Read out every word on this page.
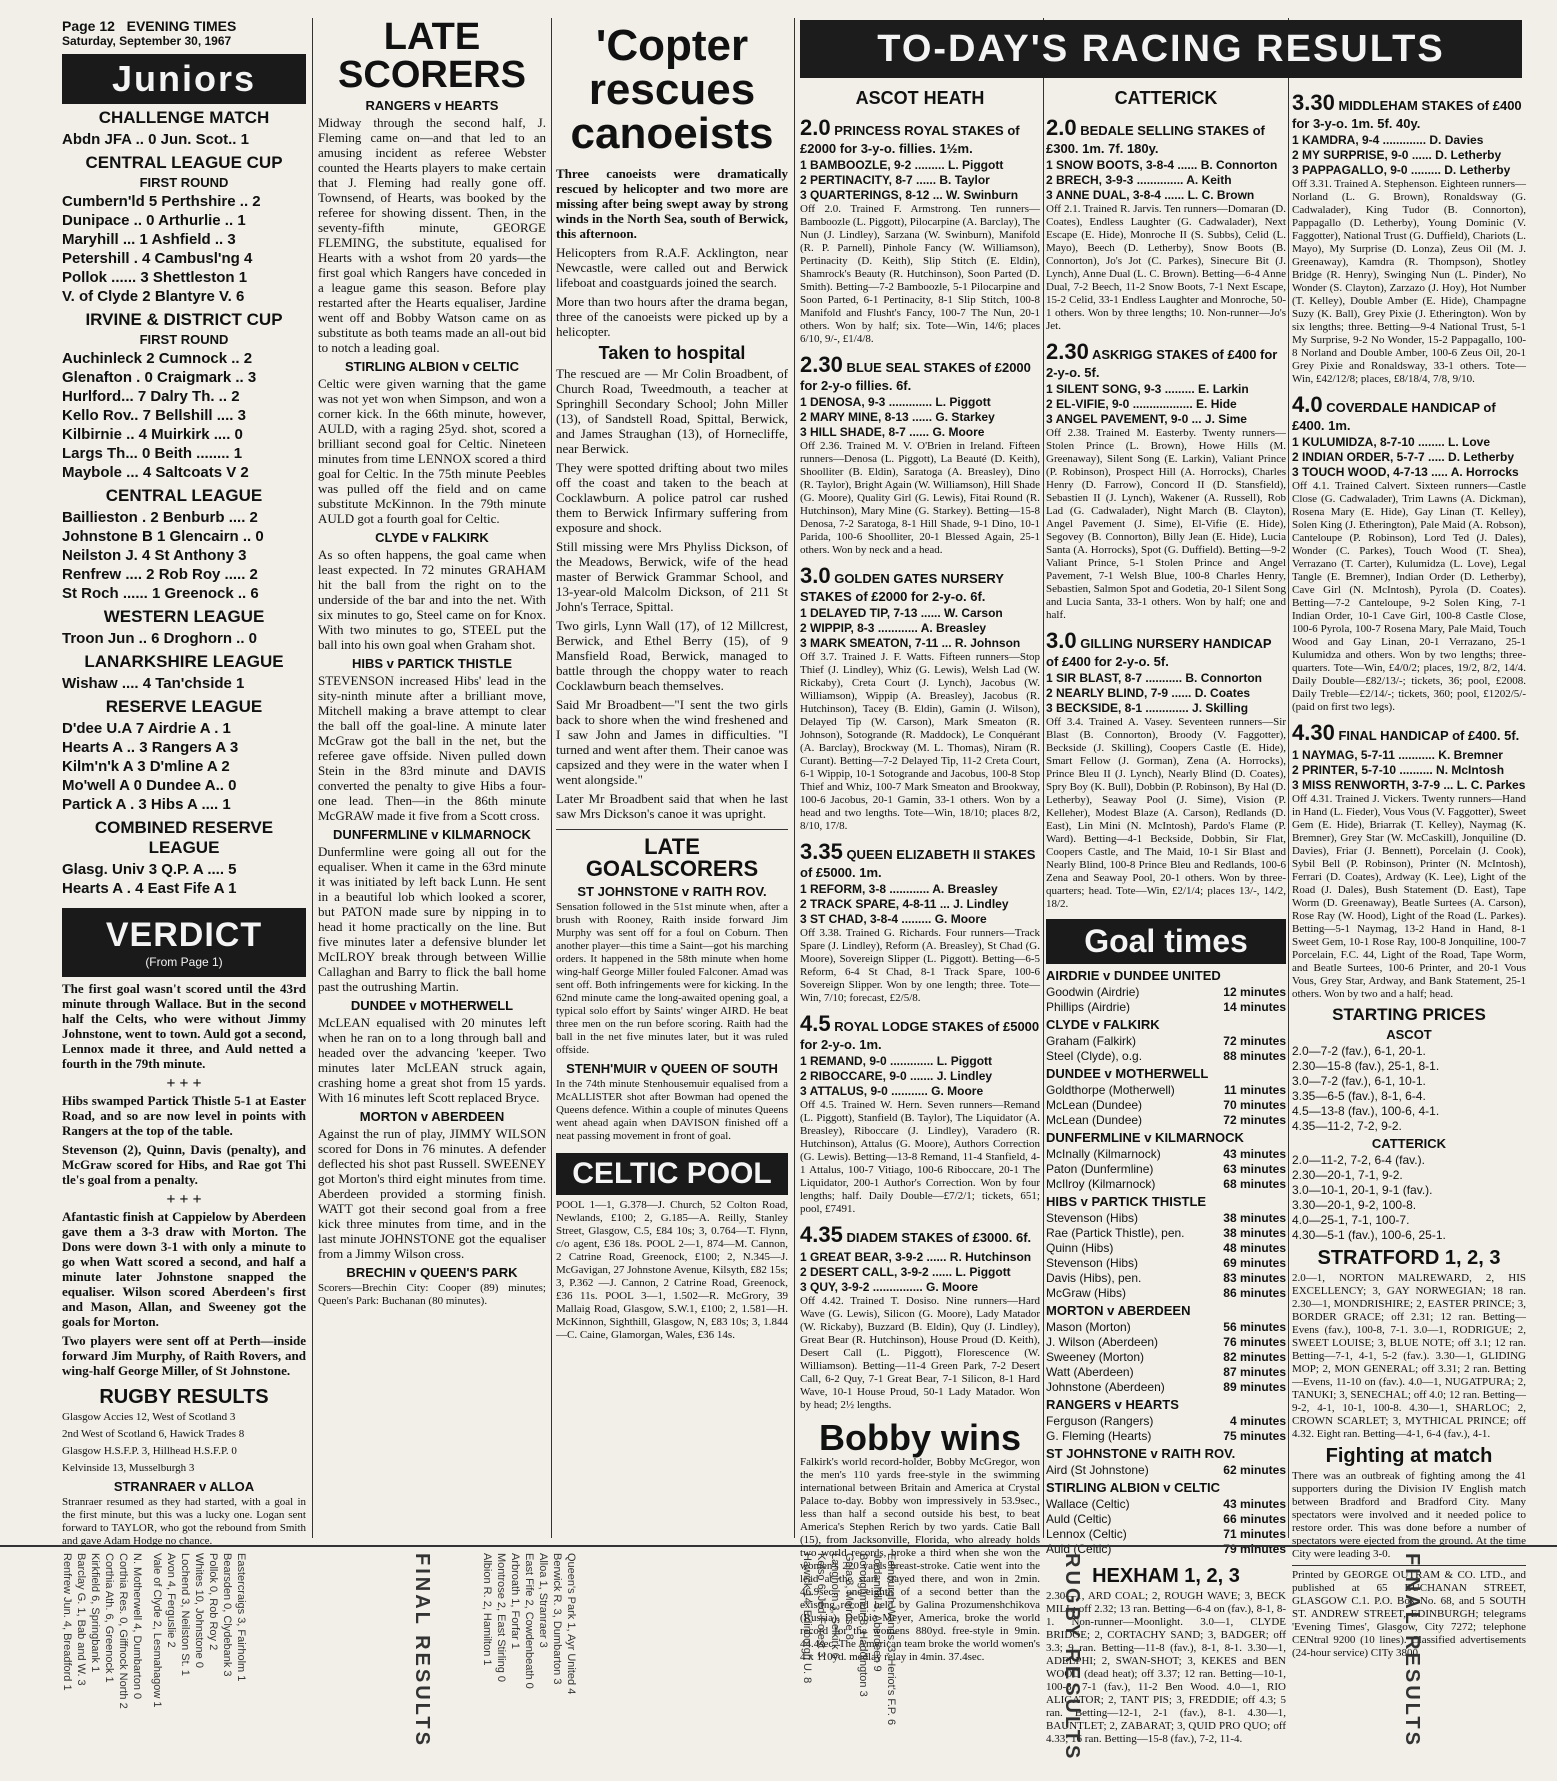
Page 12 EVENING TIMES
Saturday, September 30, 1967
Juniors
CHALLENGE MATCH
Abdn JFA .. 0 Jun. Scot.. 1
CENTRAL LEAGUE CUP
FIRST ROUND
Cumbern'ld 5 Perthshire .. 2
Dunipace .. 0 Arthurlie .. 1
Maryhill ... 1 Ashfield .. 3
Petershill . 4 Cambusl'ng 4
Pollok ...... 3 Shettleston 1
V. of Clyde 2 Blantyre V. 6
IRVINE & DISTRICT CUP
FIRST ROUND
Auchinleck 2 Cumnock .. 2
Glenafton . 0 Craigmark .. 3
Hurlford... 7 Dalry Th. .. 2
Kello Rov.. 7 Bellshill .... 3
Kilbirnie .. 4 Muirkirk .... 0
Largs Th... 0 Beith ........ 1
Maybole ... 4 Saltcoats V 2
CENTRAL LEAGUE
Baillieston . 2 Benburb .... 2
Johnstone B 1 Glencairn .. 0
Neilston J. 4 St Anthony 3
Renfrew .... 2 Rob Roy ..... 2
St Roch ...... 1 Greenock .. 6
WESTERN LEAGUE
Troon Jun .. 6 Droghorn .. 0
LANARKSHIRE LEAGUE
Wishaw .... 4 Tan'chside 1
RESERVE LEAGUE
D'dee U.A 7 Airdrie A . 1
Hearts A .. 3 Rangers A 3
Kilm'n'k A 3 D'mline A 2
Mo'well A 0 Dundee A.. 0
Partick A . 3 Hibs A .... 1
COMBINED RESERVE LEAGUE
Glasg. Univ 3 Q.P. A .... 5
Hearts A . 4 East Fife A 1
VERDICT
(From Page 1)

The first goal wasn't scored until the 43rd minute through Wallace. But in the second half the Celts, who were without Jimmy Johnstone, went to town. Auld got a second, Lennox made it three, and Auld netted a fourth in the 79th minute.

+ + +

Hibs swamped Partick Thistle 5-1 at Easter Road, and so are now level in points with Rangers at the top of the table.

Stevenson (2), Quinn, Davis (penalty), and McGraw scored for Hibs, and Rae got Thi tle's goal from a penalty.

+ + +

Afantastic finish at Cappielow by Aberdeen gave them a 3-3 draw with Morton. The Dons were down 3-1 with only a minute to go when Watt scored a second, and half a minute later Johnstone snapped the equaliser. Wilson scored Aberdeen's first and Mason, Allan, and Sweeney got the goals for Morton.

Two players were sent off at Perth—inside forward Jim Murphy, of Raith Rovers, and wing-half George Miller, of St Johnstone.

RUGBY RESULTS
Glasgow Accies 12, West of Scotland 3
2nd West of Scotland 6, Hawick Trades 8
Glasgow H.S.F.P. 3, Hillhead H.S.F.P. 0
Kelvinside 13, Musselburgh 3
STRANRAER v ALLOA

Stranraer resumed as they had started, with a goal in the first minute, but this was a lucky one. Logan sent forward to TAYLOR, who got the rebound from Smith and gave Adam Hodge no chance.

LATE SCORERS
RANGERS v HEARTS

Midway through the second half, J. Fleming came on—and that led to an amusing incident as referee Webster counted the Hearts players to make certain that J. Fleming had really gone off. Townsend, of Hearts, was booked by the referee for showing dissent. Then, in the seventy-fifth minute, GEORGE FLEMING, the substitute, equalised for Hearts with a wshot from 20 yards—the first goal which Rangers have conceded in a league game this season. Before play restarted after the Hearts equaliser, Jardine went off and Bobby Watson came on as substitute as both teams made an all-out bid to notch a leading goal.

STIRLING ALBION v CELTIC

Celtic were given warning that the game was not yet won when Simpson, and won a corner kick. In the 66th minute, however, AULD, with a raging 25yd. shot, scored a brilliant second goal for Celtic. Nineteen minutes from time LENNOX scored a third goal for Celtic. In the 75th minute Peebles was pulled off the field and on came substitute McKinnon. In the 79th minute AULD got a fourth goal for Celtic.

CLYDE v FALKIRK

As so often happens, the goal came when least expected. In 72 minutes GRAHAM hit the ball from the right on to the underside of the bar and into the net. With six minutes to go, Steel came on for Knox. With two minutes to go, STEEL put the ball into his own goal when Graham shot.

HIBS v PARTICK THISTLE

STEVENSON increased Hibs' lead in the sity-ninth minute after a brilliant move, Mitchell making a brave attempt to clear the ball off the goal-line. A minute later McGraw got the ball in the net, but the referee gave offside. Niven pulled down Stein in the 83rd minute and DAVIS converted the penalty to give Hibs a four-one lead. Then—in the 86th minute McGRAW made it five from a Scott cross.

DUNFERMLINE v KILMARNOCK

Dunfermline were going all out for the equaliser. When it came in the 63rd minute it was initiated by left back Lunn. He sent in a beautiful lob which looked a scorer, but PATON made sure by nipping in to head it home practically on the line. But five minutes later a defensive blunder let McILROY break through between Willie Callaghan and Barry to flick the ball home past the outrushing Martin.

DUNDEE v MOTHERWELL

McLEAN equalised with 20 minutes left when he ran on to a long through ball and headed over the advancing 'keeper. Two minutes later McLEAN struck again, crashing home a great shot from 15 yards. With 16 minutes left Scott replaced Bryce.

MORTON v ABERDEEN

Against the run of play, JIMMY WILSON scored for Dons in 76 minutes. A defender deflected his shot past Russell. SWEENEY got Morton's third eight minutes from time. Aberdeen provided a storming finish. WATT got their second goal from a free kick three minutes from time, and in the last minute JOHNSTONE got the equaliser from a Jimmy Wilson cross.

BRECHIN v QUEEN'S PARK

Scorers—Brechin City: Cooper (89) minutes; Queen's Park: Buchanan (80 minutes).

'Copter rescues canoeists

Three canoeists were dramatically rescued by helicopter and two more are missing after being swept away by strong winds in the North Sea, south of Berwick, this afternoon.

Helicopters from R.A.F. Acklington, near Newcastle, were called out and Berwick lifeboat and coastguards joined the search.

More than two hours after the drama began, three of the canoeists were picked up by a helicopter.

Taken to hospital

The rescued are — Mr Colin Broadbent, of Church Road, Tweedmouth, a teacher at Springhill Secondary School; John Miller (13), of Sandstell Road, Spittal, Berwick, and James Straughan (13), of Hornecliffe, near Berwick.

They were spotted drifting about two miles off the coast and taken to the beach at Cocklawburn. A police patrol car rushed them to Berwick Infirmary suffering from exposure and shock.

Still missing were Mrs Phyliss Dickson, of the Meadows, Berwick, wife of the head master of Berwick Grammar School, and 13-year-old Malcolm Dickson, of 211 St John's Terrace, Spittal.

Two girls, Lynn Wall (17), of 12 Millcrest, Berwick, and Ethel Berry (15), of 9 Mansfield Road, Berwick, managed to battle through the choppy water to reach Cocklawburn beach themselves.

Said Mr Broadbent—"I sent the two girls back to shore when the wind freshened and I saw John and James in difficulties. "I turned and went after them. Their canoe was capsized and they were in the water when I went alongside."

Later Mr Broadbent said that when he last saw Mrs Dickson's canoe it was upright.

LATE GOALSCORERS
ST JOHNSTONE v RAITH ROV.

Sensation followed in the 51st minute when, after a brush with Rooney, Raith inside forward Jim Murphy was sent off for a foul on Coburn. Then another player—this time a Saint—got his marching orders. It happened in the 58th minute when home wing-half George Miller fouled Falconer. Amad was sent off. Both infringements were for kicking. In the 62nd minute came the long-awaited opening goal, a typical solo effort by Saints' winger AIRD. He beat three men on the run before scoring. Raith had the ball in the net five minutes later, but it was ruled offside.

STENH'MUIR v QUEEN OF SOUTH

In the 74th minute Stenhousemuir equalised from a McALLISTER shot after Bowman had opened the Queens defence. Within a couple of minutes Queens went ahead again when DAVISON finished off a neat passing movement in front of goal.

CELTIC POOL

POOL 1—1, G.378—J. Church, 52 Colton Road, Newlands, £100; 2, G.185—A. Reilly, Stanley Street, Glasgow, C.5, £84 10s; 3, 0.764—T. Flynn, c/o agent, £36 18s. POOL 2—1, 874—M. Cannon, 2 Catrine Road, Greenock, £100; 2, N.345—J. McGavigan, 27 Johnstone Avenue, Kilsyth, £82 15s; 3, P.362 —J. Cannon, 2 Catrine Road, Greenock, £36 11s. POOL 3—1, 1.502—R. McGrory, 39 Mallaig Road, Glasgow, S.W.1, £100; 2, 1.581—H. McKinnon, Sighthill, Glasgow, N, £83 10s; 3, 1.844—C. Caine, Glamorgan, Wales, £36 14s.

TO-DAY'S RACING RESULTS
ASCOT HEATH
2.0 PRINCESS ROYAL STAKES of £2000 for 3-y-o. fillies. 1½m.
1 BAMBOOZLE, 9-2 ......... L. Piggott
2 PERTINACITY, 8-7 ...... B. Taylor
3 QUARTERINGS, 8-12 ... W. Swinburn

Off 2.0. Trained F. Armstrong. Ten runners—Bamboozle (L. Piggott), Pilocarpine (A. Barclay), The Nun (J. Lindley), Sarzana (W. Swinburn), Manifold (R. P. Parnell), Pinhole Fancy (W. Williamson), Pertinacity (D. Keith), Slip Stitch (E. Eldin), Shamrock's Beauty (R. Hutchinson), Soon Parted (D. Smith). Betting—7-2 Bamboozle, 5-1 Pilocarpine and Soon Parted, 6-1 Pertinacity, 8-1 Slip Stitch, 100-8 Manifold and Flusht's Fancy, 100-7 The Nun, 20-1 others. Won by half; six. Tote—Win, 14/6; places 6/10, 9/-, £1/4/8.

2.30 BLUE SEAL STAKES of £2000 for 2-y-o fillies. 6f.
1 DENOSA, 9-3 ............. L. Piggott
2 MARY MINE, 8-13 ...... G. Starkey
3 HILL SHADE, 8-7 ...... G. Moore

Off 2.36. Trained M. V. O'Brien in Ireland. Fifteen runners—Denosa (L. Piggott), La Beauté (D. Keith), Shoolliter (B. Eldin), Saratoga (A. Breasley), Dino (R. Taylor), Bright Again (W. Williamson), Hill Shade (G. Moore), Quality Girl (G. Lewis), Fitai Round (R. Hutchinson), Mary Mine (G. Starkey). Betting—15-8 Denosa, 7-2 Saratoga, 8-1 Hill Shade, 9-1 Dino, 10-1 Parida, 100-6 Shoolliter, 20-1 Blessed Again, 25-1 others. Won by neck and a head.

3.0 GOLDEN GATES NURSERY STAKES of £2000 for 2-y-o. 6f.
1 DELAYED TIP, 7-13 ...... W. Carson
2 WIPPIP, 8-3 ............ A. Breasley
3 MARK SMEATON, 7-11 ... R. Johnson

Off 3.7. Trained J. F. Watts. Fifteen runners—Stop Thief (J. Lindley), Whiz (G. Lewis), Welsh Lad (W. Rickaby), Creta Court (J. Lynch), Jacobus (W. Williamson), Wippip (A. Breasley), Jacobus (R. Hutchinson), Tacey (B. Eldin), Gamin (J. Wilson), Delayed Tip (W. Carson), Mark Smeaton (R. Johnson), Sotogrande (R. Maddock), Le Conquérant (A. Barclay), Brockway (M. L. Thomas), Niram (R. Curant). Betting—7-2 Delayed Tip, 11-2 Creta Court, 6-1 Wippip, 10-1 Sotogrande and Jacobus, 100-8 Stop Thief and Whiz, 100-7 Mark Smeaton and Brookway, 100-6 Jacobus, 20-1 Gamin, 33-1 others. Won by a head and two lengths. Tote—Win, 18/10; places 8/2, 8/10, 17/8.

3.35 QUEEN ELIZABETH II STAKES of £5000. 1m.
1 REFORM, 3-8 ............ A. Breasley
2 TRACK SPARE, 4-8-11 ... J. Lindley
3 ST CHAD, 3-8-4 ......... G. Moore

Off 3.38. Trained G. Richards. Four runners—Track Spare (J. Lindley), Reform (A. Breasley), St Chad (G. Moore), Sovereign Slipper (L. Piggott). Betting—6-5 Reform, 6-4 St Chad, 8-1 Track Spare, 100-6 Sovereign Slipper. Won by one length; three. Tote—Win, 7/10; forecast, £2/5/8.

4.5 ROYAL LODGE STAKES of £5000 for 2-y-o. 1m.
1 REMAND, 9-0 ............. L. Piggott
2 RIBOCCARE, 9-0 ....... J. Lindley
3 ATTALUS, 9-0 ........... G. Moore

Off 4.5. Trained W. Hern. Seven runners—Remand (L. Piggott), Stanfield (B. Taylor), The Liquidator (A. Breasley), Riboccare (J. Lindley), Varadero (R. Hutchinson), Attalus (G. Moore), Authors Correction (G. Lewis). Betting—13-8 Remand, 11-4 Stanfield, 4-1 Attalus, 100-7 Vitiago, 100-6 Riboccare, 20-1 The Liquidator, 200-1 Author's Correction. Won by four lengths; half. Daily Double—£7/2/1; tickets, 651; pool, £7491.

4.35 DIADEM STAKES of £3000. 6f.
1 GREAT BEAR, 3-9-2 ...... R. Hutchinson
2 DESERT CALL, 3-9-2 ...... L. Piggott
3 QUY, 3-9-2 ............... G. Moore

Off 4.42. Trained T. Dosiso. Nine runners—Hard Wave (G. Lewis), Silicon (G. Moore), Lady Matador (W. Rickaby), Buzzard (B. Eldin), Quy (J. Lindley), Great Bear (R. Hutchinson), House Proud (D. Keith), Desert Call (L. Piggott), Florescence (W. Williamson). Betting—11-4 Green Park, 7-2 Desert Call, 6-2 Quy, 7-1 Great Bear, 7-1 Silicon, 8-1 Hard Wave, 10-1 House Proud, 50-1 Lady Matador. Won by head; 2½ lengths.

Bobby wins

Falkirk's world record-holder, Bobby McGregor, won the men's 110 yards free-style in the swimming international between Britain and America at Crystal Palace to-day. Bobby won impressively in 53.9sec., less than half a second outside his best, to beat America's Stephen Rerich by two yards. Catie Ball (15), from Jacksonville, Florida, who already holds two world records, broke a third when she won the women's 220 yards breast-stroke. Catie went into the lead at the start, stayed there, and won in 2min. 46.9sec., one-eighth of a second better than the existing record held by Galina Prozumenshchikova (Russia). Debbie Meyer, America, broke the world record for the womens 880yd. free-style in 9min. 44.4sec. The American team broke the world women's 4 x 110yd. medlay relay in 4min. 37.4sec.

CATTERICK
2.0 BEDALE SELLING STAKES of £300. 1m. 7f. 180y.
1 SNOW BOOTS, 3-8-4 ...... B. Connorton
2 BRECH, 3-9-3 .............. A. Keith
3 ANNE DUAL, 3-8-4 ...... L. C. Brown

Off 2.1. Trained R. Jarvis. Ten runners—Domaran (D. Coates), Endless Laughter (G. Cadwalader), Next Escape (E. Hide), Monroche II (S. Subbs), Celid (L. Mayo), Beech (D. Letherby), Snow Boots (B. Connorton), Jo's Jot (C. Parkes), Sinecure Bit (J. Lynch), Anne Dual (L. C. Brown). Betting—6-4 Anne Dual, 7-2 Beech, 11-2 Snow Boots, 7-1 Next Escape, 15-2 Celid, 33-1 Endless Laughter and Monroche, 50-1 others. Won by three lengths; 10. Non-runner—Jo's Jet.

2.30 ASKRIGG STAKES of £400 for 2-y-o. 5f.
1 SILENT SONG, 9-3 ......... E. Larkin
2 EL-VIFIE, 9-0 .................. E. Hide
3 ANGEL PAVEMENT, 9-0 ... J. Sime

Off 2.38. Trained M. Easterby. Twenty runners—Stolen Prince (L. Brown), Howe Hills (M. Greenaway), Silent Song (E. Larkin), Valiant Prince (P. Robinson), Prospect Hill (A. Horrocks), Charles Henry (D. Farrow), Concord II (D. Stansfield), Sebastien II (J. Lynch), Wakener (A. Russell), Rob Lad (G. Cadwalader), Night March (B. Clayton), Angel Pavement (J. Sime), El-Vifie (E. Hide), Segovey (B. Connorton), Billy Jean (E. Hide), Lucia Santa (A. Horrocks), Spot (G. Duffield). Betting—9-2 Valiant Prince, 5-1 Stolen Prince and Angel Pavement, 7-1 Welsh Blue, 100-8 Charles Henry, Sebastien, Salmon Spot and Godetia, 20-1 Silent Song and Lucia Santa, 33-1 others. Won by half; one and half.

3.0 GILLING NURSERY HANDICAP of £400 for 2-y-o. 5f.
1 SIR BLAST, 8-7 ........... B. Connorton
2 NEARLY BLIND, 7-9 ...... D. Coates
3 BECKSIDE, 8-1 ............. J. Skilling

Off 3.4. Trained A. Vasey. Seventeen runners—Sir Blast (B. Connorton), Broody (V. Faggotter), Beckside (J. Skilling), Coopers Castle (E. Hide), Smart Fellow (J. Gorman), Zena (A. Horrocks), Prince Bleu II (J. Lynch), Nearly Blind (D. Coates), Spry Boy (K. Bull), Dobbin (P. Robinson), By Hal (D. Letherby), Seaway Pool (J. Sime), Vision (P. Kelleher), Modest Blaze (A. Carson), Redlands (D. East), Lin Mini (N. McIntosh), Pardo's Flame (P. Ward). Betting—4-1 Beckside, Dobbin, Sir Flat, Coopers Castle, and The Maid, 10-1 Sir Blast and Nearly Blind, 100-8 Prince Bleu and Redlands, 100-6 Zena and Seaway Pool, 20-1 others. Won by three-quarters; head. Tote—Win, £2/1/4; places 13/-, 14/2, 18/2.

Goal times
AIRDRIE v DUNDEE UNITED
Goodwin (Airdrie)	12 minutes
Phillips (Airdrie)	14 minutes
CLYDE v FALKIRK
Graham (Falkirk)	72 minutes
Steel (Clyde), o.g.	88 minutes
DUNDEE v MOTHERWELL
Goldthorpe (Motherwell)	11 minutes
McLean (Dundee)	70 minutes
McLean (Dundee)	72 minutes
DUNFERMLINE v KILMARNOCK
McInally (Kilmarnock)	43 minutes
Paton (Dunfermline)	63 minutes
McIlroy (Kilmarnock)	68 minutes
HIBS v PARTICK THISTLE
Stevenson (Hibs)	38 minutes
Rae (Partick Thistle), pen.	38 minutes
Quinn (Hibs)	48 minutes
Stevenson (Hibs)	69 minutes
Davis (Hibs), pen.	83 minutes
McGraw (Hibs)	86 minutes
MORTON v ABERDEEN
Mason (Morton)	56 minutes
J. Wilson (Aberdeen)	76 minutes
Sweeney (Morton)	82 minutes
Watt (Aberdeen)	87 minutes
Johnstone (Aberdeen)	89 minutes
RANGERS v HEARTS
Ferguson (Rangers)	4 minutes
G. Fleming (Hearts)	75 minutes
ST JOHNSTONE v RAITH ROV.
Aird (St Johnstone)	62 minutes
STIRLING ALBION v CELTIC
Wallace (Celtic)	43 minutes
Auld (Celtic)	66 minutes
Lennox (Celtic)	71 minutes
Auld (Celtic)	79 minutes
HEXHAM 1, 2, 3

2.30—1, ARD COAL; 2, ROUGH WAVE; 3, BECK MILL; off 2.32; 13 ran. Betting—6-4 on (fav.), 8-1, 8-1. Non-runner—Moonlight. 3.0—1, CLYDE BRIDGE; 2, CORTACHY SAND; 3, BADGER; off 3.3; 9 ran. Betting—11-8 (fav.), 8-1, 8-1. 3.30—1, ADELPHI; 2, SWAN-SHOT; 3, KEKES and BEN WOOD (dead heat); off 3.37; 12 ran. Betting—10-1, 100-8, 7-1 (fav.), 11-2 Ben Wood. 4.0—1, RIO ALIGATOR; 2, TANT PIS; 3, FREDDIE; off 4.3; 5 ran. Betting—12-1, 2-1 (fav.), 8-1. 4.30—1, BAUNTLET; 2, ZABARAT; 3, QUID PRO QUO; off 4.33; 16 ran. Betting—15-8 (fav.), 7-2, 11-4.

3.30 MIDDLEHAM STAKES of £400 for 3-y-o. 1m. 5f. 40y.
1 KAMDRA, 9-4 ............. D. Davies
2 MY SURPRISE, 9-0 ...... D. Letherby
3 PAPPAGALLO, 9-0 ......... D. Letherby

Off 3.31. Trained A. Stephenson. Eighteen runners—Norland (L. G. Brown), Ronaldsway (G. Cadwalader), King Tudor (B. Connorton), Pappagallo (D. Letherby), Young Dominic (V. Faggotter), National Trust (G. Duffield), Chariots (L. Mayo), My Surprise (D. Lonza), Zeus Oil (M. J. Greenaway), Kamdra (R. Thompson), Shotley Bridge (R. Henry), Swinging Nun (L. Pinder), No Wonder (S. Clayton), Zarzazo (J. Hoy), Hot Number (T. Kelley), Double Amber (E. Hide), Champagne Suzy (K. Ball), Grey Pixie (J. Etherington). Won by six lengths; three. Betting—9-4 National Trust, 5-1 My Surprise, 9-2 No Wonder, 15-2 Pappagallo, 100-8 Norland and Double Amber, 100-6 Zeus Oil, 20-1 Grey Pixie and Ronaldsway, 33-1 others. Tote—Win, £42/12/8; places, £8/18/4, 7/8, 9/10.

4.0 COVERDALE HANDICAP of £400. 1m.
1 KULUMIDZA, 8-7-10 ........ L. Love
2 INDIAN ORDER, 5-7-7 ..... D. Letherby
3 TOUCH WOOD, 4-7-13 ..... A. Horrocks

Off 4.1. Trained Calvert. Sixteen runners—Castle Close (G. Cadwalader), Trim Lawns (A. Dickman), Rosena Mary (E. Hide), Gay Linan (T. Kelley), Solen King (J. Etherington), Pale Maid (A. Robson), Canteloupe (P. Robinson), Lord Ted (J. Dales), Wonder (C. Parkes), Touch Wood (T. Shea), Verrazano (T. Carter), Kulumidza (L. Love), Legal Tangle (E. Bremner), Indian Order (D. Letherby), Cave Girl (N. McIntosh), Pyrola (D. Coates). Betting—7-2 Canteloupe, 9-2 Solen King, 7-1 Indian Order, 10-1 Cave Girl, 100-8 Castle Close, 100-6 Pyrola, 100-7 Rosena Mary, Pale Maid, Touch Wood and Gay Linan, 20-1 Verrazano, 25-1 Kulumidza and others. Won by two lengths; three-quarters. Tote—Win, £4/0/2; places, 19/2, 8/2, 14/4. Daily Double—£82/13/-; tickets, 36; pool, £2008. Daily Treble—£2/14/-; tickets, 360; pool, £1202/5/- (paid on first two legs).

4.30 FINAL HANDICAP of £400. 5f.
1 NAYMAG, 5-7-11 ........... K. Bremner
2 PRINTER, 5-7-10 .......... N. McIntosh
3 MISS RENWORTH, 3-7-9 ... L. C. Parkes

Off 4.31. Trained J. Vickers. Twenty runners—Hand in Hand (L. Fieder), Vous Vous (V. Faggotter), Sweet Gem (E. Hide), Briarrak (T. Kelley), Naymag (K. Bremner), Grey Star (W. McCaskill), Jonquiline (D. Davies), Friar (J. Bennett), Porcelain (J. Cook), Sybil Bell (P. Robinson), Printer (N. McIntosh), Ferrari (D. Coates), Ardway (K. Lee), Light of the Road (J. Dales), Bush Statement (D. East), Tape Worm (D. Greenaway), Beatle Surtees (A. Carson), Rose Ray (W. Hood), Light of the Road (L. Parkes). Betting—5-1 Naymag, 13-2 Hand in Hand, 8-1 Sweet Gem, 10-1 Rose Ray, 100-8 Jonquiline, 100-7 Porcelain, F.C. 44, Light of the Road, Tape Worm, and Beatle Surtees, 100-6 Printer, and 20-1 Vous Vous, Grey Star, Ardway, and Bank Statement, 25-1 others. Won by two and a half; head.

STARTING PRICES
ASCOT
2.0—7-2 (fav.), 6-1, 20-1.
2.30—15-8 (fav.), 25-1, 8-1.
3.0—7-2 (fav.), 6-1, 10-1.
3.35—6-5 (fav.), 8-1, 6-4.
4.5—13-8 (fav.), 100-6, 4-1.
4.35—11-2, 7-2, 9-2.
CATTERICK
2.0—11-2, 7-2, 6-4 (fav.).
2.30—20-1, 7-1, 9-2.
3.0—10-1, 20-1, 9-1 (fav.).
3.30—20-1, 9-2, 100-8.
4.0—25-1, 7-1, 100-7.
4.30—5-1 (fav.), 100-6, 25-1.
STRATFORD 1, 2, 3

2.0—1, NORTON MALREWARD, 2, HIS EXCELLENCY; 3, GAY NORWEGIAN; 18 ran. 2.30—1, MONDRISHIRE; 2, EASTER PRINCE; 3, BORDER GRACE; off 2.31; 12 ran. Betting—Evens (fav.), 100-8, 7-1. 3.0—1, RODRIGUE; 2, SWEET LOUISE; 3, BLUE NOTE; off 3.1; 12 ran. Betting—7-1, 4-1, 5-2 (fav.). 3.30—1, GLIDING MOP; 2, MON GENERAL; off 3.31; 2 ran. Betting—Evens, 11-10 on (fav.). 4.0—1, NUGATPURA; 2, TANUKI; 3, SENECHAL; off 4.0; 12 ran. Betting—9-2, 4-1, 10-1, 100-8. 4.30—1, SHARLOC; 2, CROWN SCARLET; 3, MYTHICAL PRINCE; off 4.32. Eight ran. Betting—4-1, 6-4 (fav.), 4-1.

Fighting at match

There was an outbreak of fighting among the 41 supporters during the Division IV English match between Bradford and Bradford City. Many spectators were involved and it needed police to restore order. This was done before a number of spectators were ejected from the ground. At the time City were leading 3-0.

Printed by GEORGE OUTRAM & CO. LTD., and published at 65 BUCHANAN STREET, GLASGOW C.1. P.O. Box No. 68, and 5 SOUTH ST. ANDREW STREET, EDINBURGH; telegrams 'Evening Times', Glasgow, City 7272; telephone CENtral 9200 (10 lines). Classified advertisements (24-hour service) CITy 3800.

N. Motherwell 4, Dumbarton 0
Corthia Res. 0, Giffnock North 2
Corthia Ath. 6, Greenock 1
Kirkfield 6, Springbank 1
Barclay G. 1, Bab and W. 3
Renfrew Jun. 4, Breadford 1	Eastercraigs 3, Fairholm 1
Bearsden 0, Clydebank 3
Pollok 0, Rob Roy 2
Whites 10, Johnstone 0
Lochend 3, Neilston St. 1
Avon 4, Ferguslie 2
Vale of Clyde 2, Lesmahagow 1	FINAL RESULTS	Queen's Park 1, Ayr United 4
Berwick R. 3, Dumbarton 3
Alloa 1, Stranraer 3
East Fife 2, Cowdenbeath 0
Arbroath 1, Forfar 1
Montrose 2, East Stirling 0
Albion R. 2, Hamilton 1	Edinburgh Wands. 3, Heriot's F.P. 6
Jordanhill 3, Aberdeen 9
Boroughmuir 8, Haddington 3
Gala 3, Melrose 8
Langholm 3, Selkirk 6
Kelso 6, Jed-Forest 3
Hawick 14, Edinburgh U. 8	RUGBY RESULTS	FINAL RESULTS
